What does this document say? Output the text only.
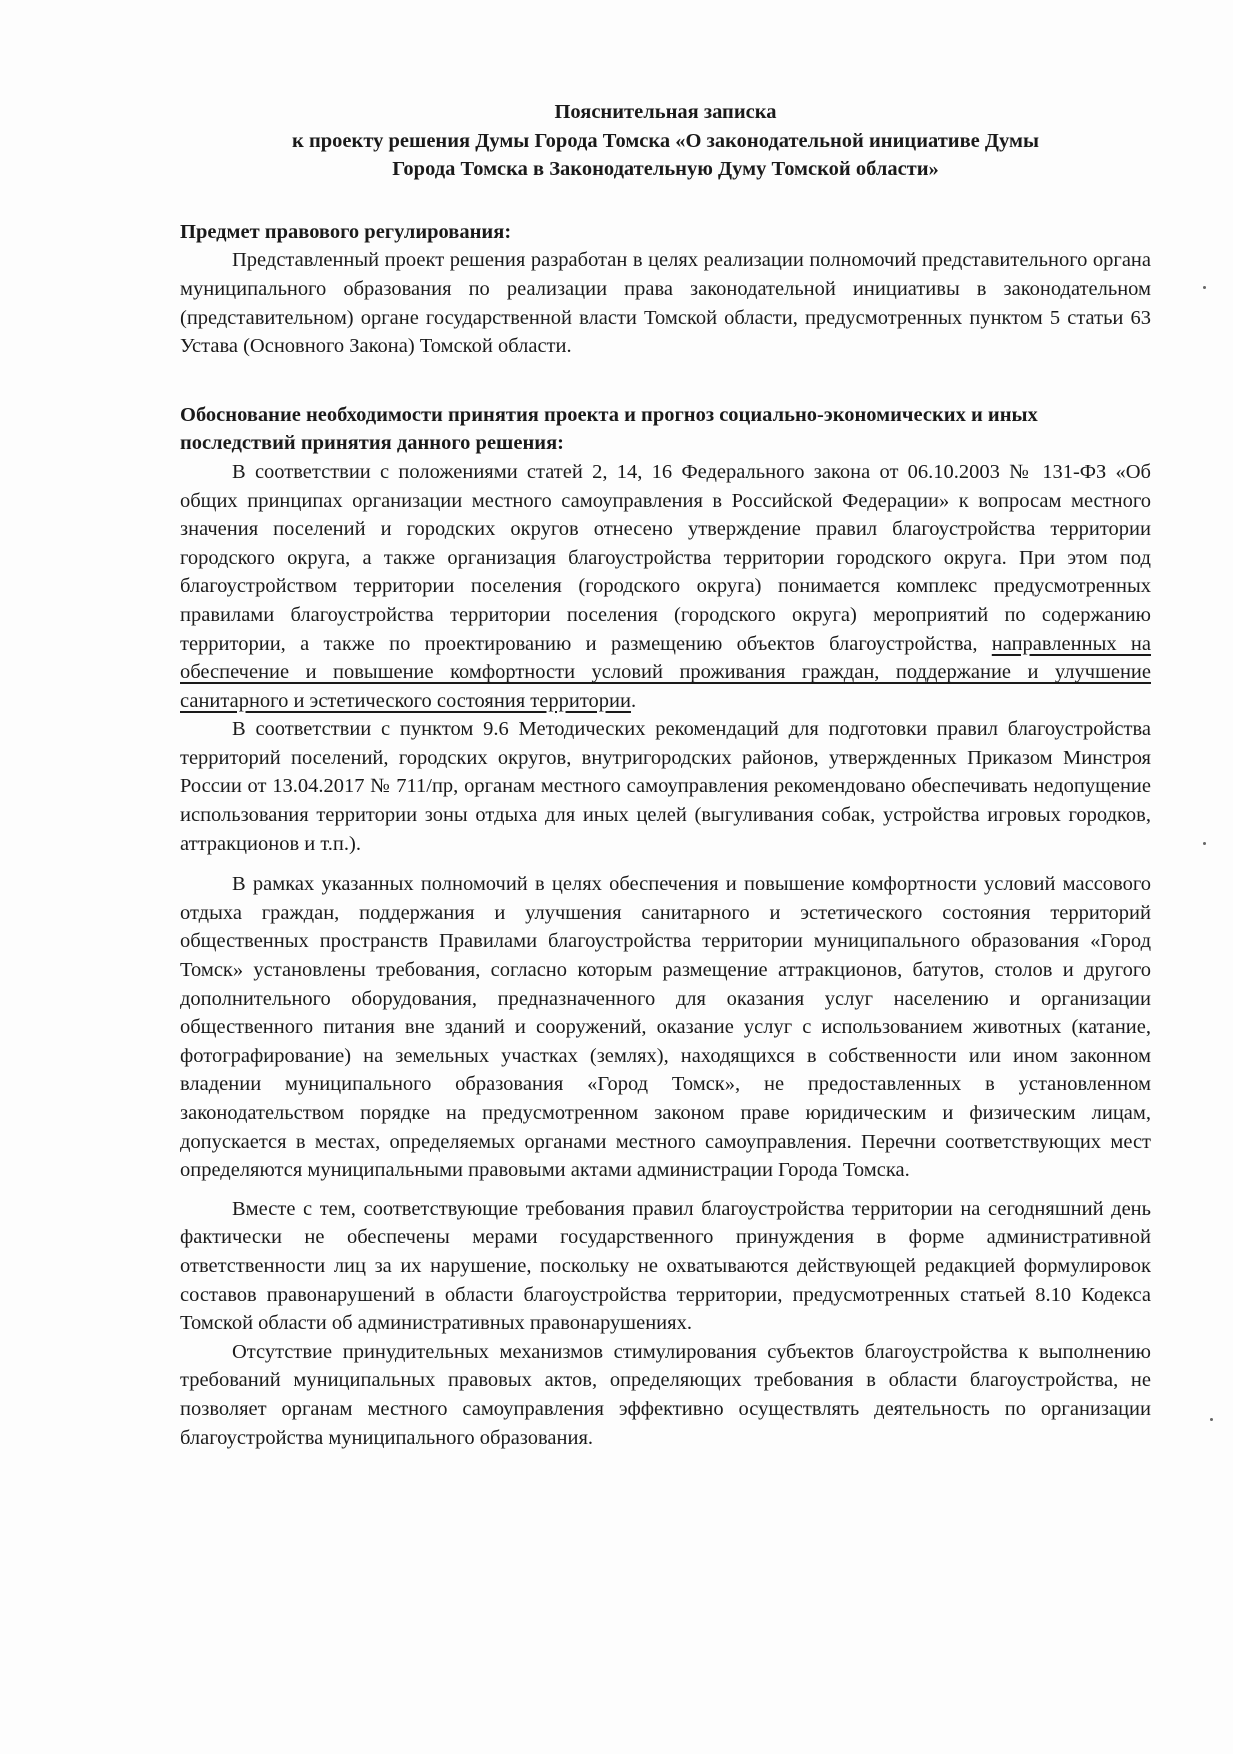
Пояснительная записка
к проекту решения Думы Города Томска «О законодательной инициативе Думы
Города Томска в Законодательную Думу Томской области»

Предмет правового регулирования:

Представленный проект решения разработан в целях реализации полномочий представительного органа муниципального образования по реализации права законодательной инициативы в законодательном (представительном) органе государственной власти Томской области, предусмотренных пунктом 5 статьи 63 Устава (Основного Закона) Томской области.

Обоснование необходимости принятия проекта и прогноз социально-экономических и иных последствий принятия данного решения:

В соответствии с положениями статей 2, 14, 16 Федерального закона от 06.10.2003 № 131-ФЗ «Об общих принципах организации местного самоуправления в Российской Федерации» к вопросам местного значения поселений и городских округов отнесено утверждение правил благоустройства территории городского округа, а также организация благоустройства территории городского округа. При этом под благоустройством территории поселения (городского округа) понимается комплекс предусмотренных правилами благоустройства территории поселения (городского округа) мероприятий по содержанию территории, а также по проектированию и размещению объектов благоустройства, направленных на обеспечение и повышение комфортности условий проживания граждан, поддержание и улучшение санитарного и эстетического состояния территории.

В соответствии с пунктом 9.6 Методических рекомендаций для подготовки правил благоустройства территорий поселений, городских округов, внутригородских районов, утвержденных Приказом Минстроя России от 13.04.2017 № 711/пр, органам местного самоуправления рекомендовано обеспечивать недопущение использования территории зоны отдыха для иных целей (выгуливания собак, устройства игровых городков, аттракционов и т.п.).

В рамках указанных полномочий в целях обеспечения и повышение комфортности условий массового отдыха граждан, поддержания и улучшения санитарного и эстетического состояния территорий общественных пространств Правилами благоустройства территории муниципального образования «Город Томск» установлены требования, согласно которым размещение аттракционов, батутов, столов и другого дополнительного оборудования, предназначенного для оказания услуг населению и организации общественного питания вне зданий и сооружений, оказание услуг с использованием животных (катание, фотографирование) на земельных участках (землях), находящихся в собственности или ином законном владении муниципального образования «Город Томск», не предоставленных в установленном законодательством порядке на предусмотренном законом праве юридическим и физическим лицам, допускается в местах, определяемых органами местного самоуправления. Перечни соответствующих мест определяются муниципальными правовыми актами администрации Города Томска.

Вместе с тем, соответствующие требования правил благоустройства территории на сегодняшний день фактически не обеспечены мерами государственного принуждения в форме административной ответственности лиц за их нарушение, поскольку не охватываются действующей редакцией формулировок составов правонарушений в области благоустройства территории, предусмотренных статьей 8.10 Кодекса Томской области об административных правонарушениях.

Отсутствие принудительных механизмов стимулирования субъектов благоустройства к выполнению требований муниципальных правовых актов, определяющих требования в области благоустройства, не позволяет органам местного самоуправления эффективно осуществлять деятельность по организации благоустройства муниципального образования.
